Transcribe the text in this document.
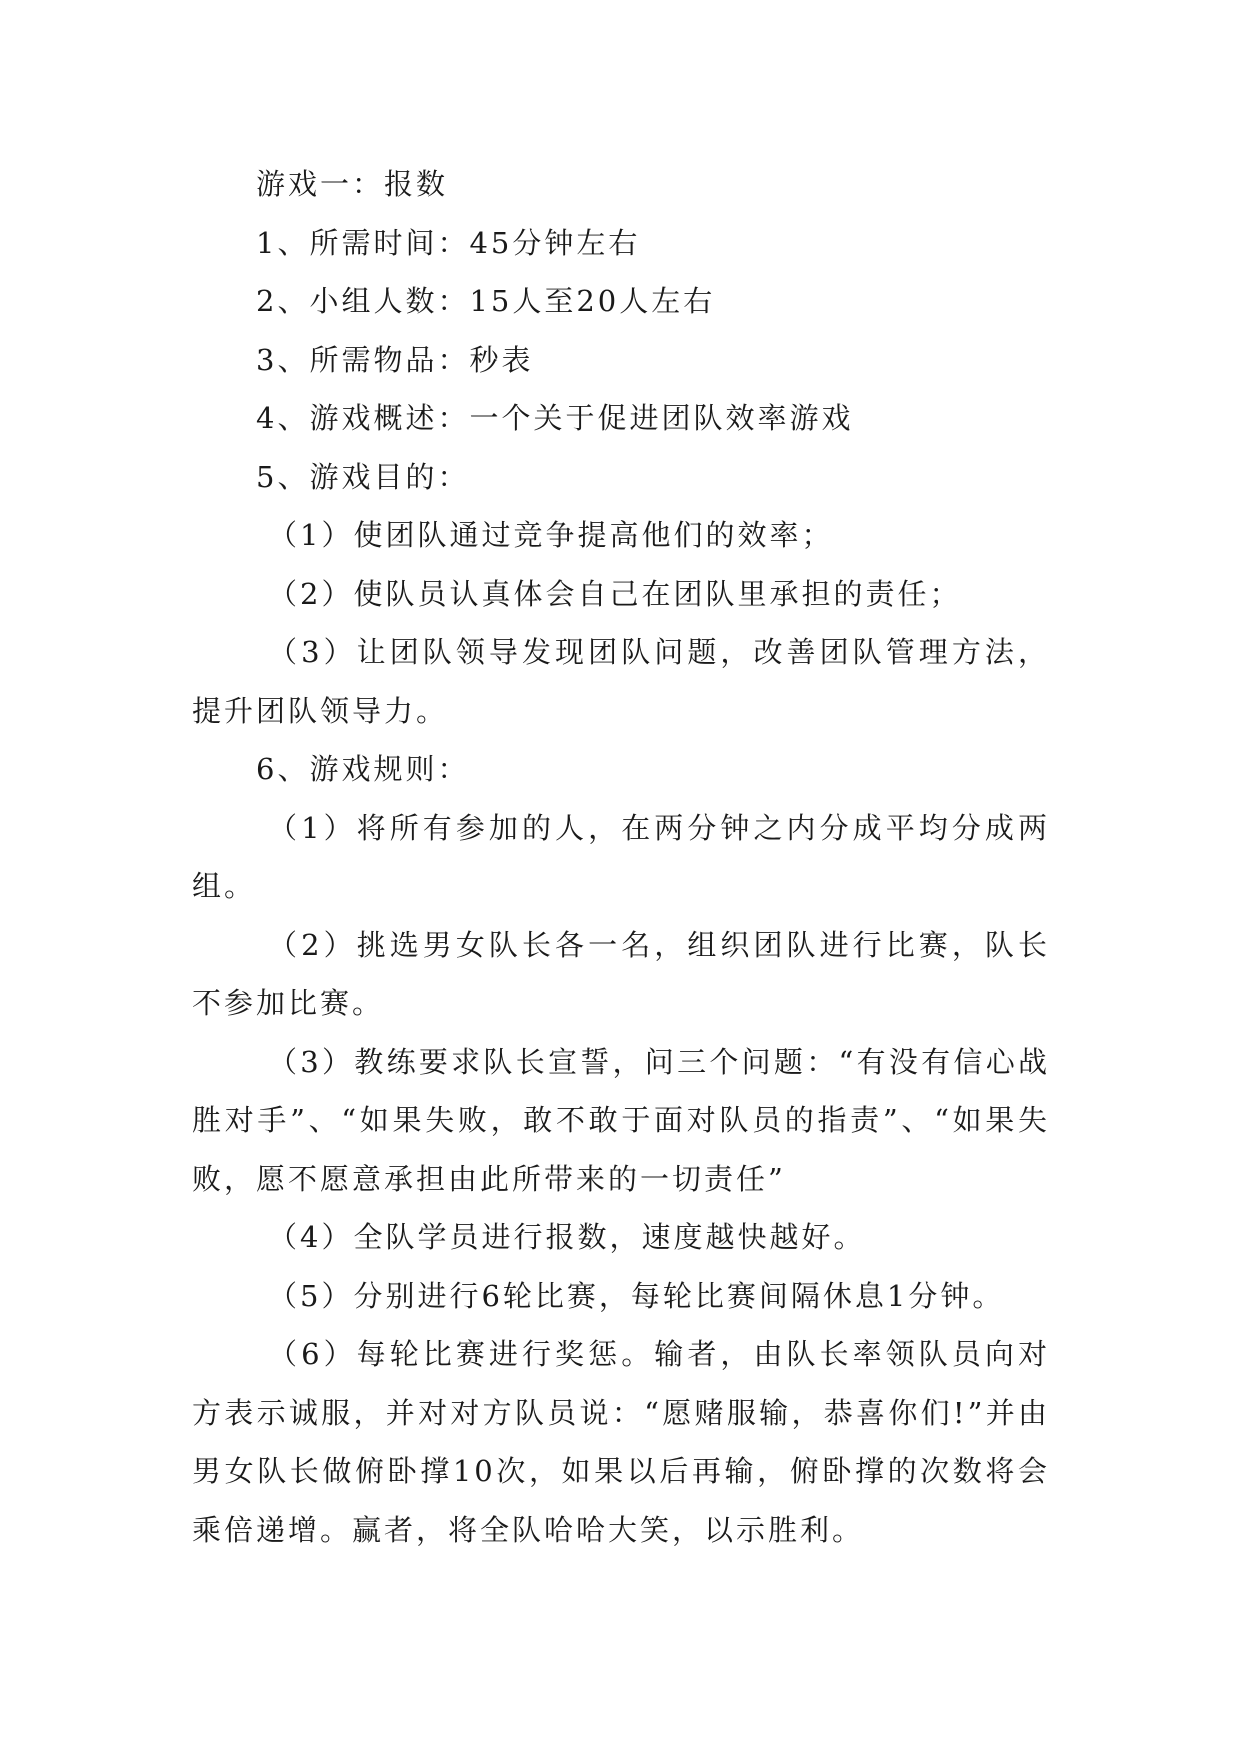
游戏一：报数

1、所需时间：45分钟左右

2、小组人数：15人至20人左右

3、所需物品：秒表

4、游戏概述：一个关于促进团队效率游戏

5、游戏目的：

（1）使团队通过竞争提高他们的效率；

（2）使队员认真体会自己在团队里承担的责任；

（3）让团队领导发现团队问题，改善团队管理方法，提升团队领导力。

6、游戏规则：

（1）将所有参加的人，在两分钟之内分成平均分成两组。

（2）挑选男女队长各一名，组织团队进行比赛，队长不参加比赛。

（3）教练要求队长宣誓，问三个问题：“有没有信心战胜对手”、“如果失败，敢不敢于面对队员的指责”、“如果失败，愿不愿意承担由此所带来的一切责任”

（4）全队学员进行报数，速度越快越好。

（5）分别进行6轮比赛，每轮比赛间隔休息1分钟。

（6）每轮比赛进行奖惩。输者，由队长率领队员向对方表示诚服，并对对方队员说：“愿赌服输，恭喜你们!”并由男女队长做俯卧撑10次，如果以后再输，俯卧撑的次数将会乘倍递增。赢者，将全队哈哈大笑，以示胜利。
